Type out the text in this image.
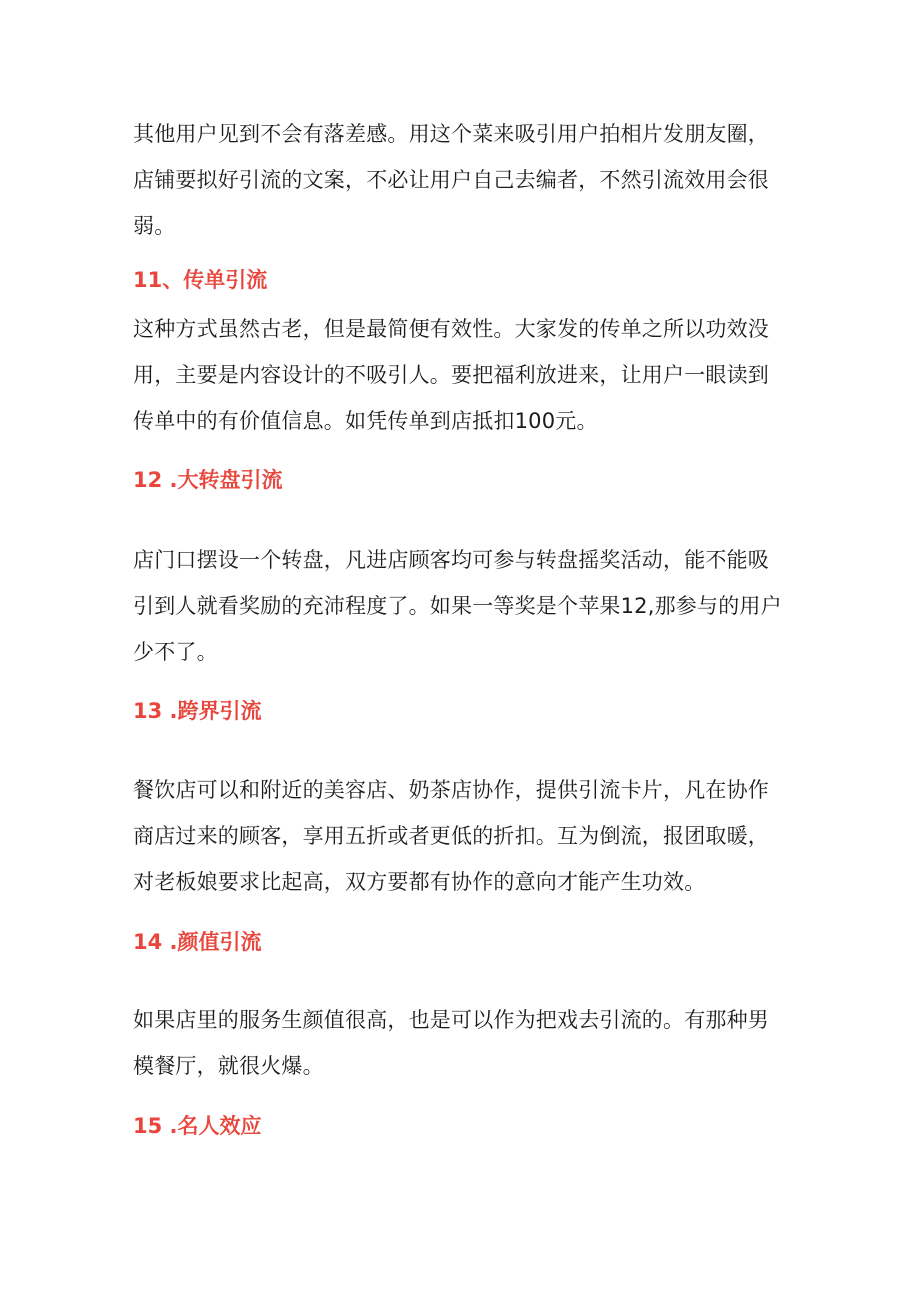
其他用户见到不会有落差感。用这个菜来吸引用户拍相片发朋友圈，
店铺要拟好引流的文案，不必让用户自己去编者，不然引流效用会很
弱。
11、传单引流
这种方式虽然古老，但是最简便有效性。大家发的传单之所以功效没
用，主要是内容设计的不吸引人。要把福利放进来，让用户一眼读到
传单中的有价值信息。如凭传单到店抵扣100元。
12 .大转盘引流
店门口摆设一个转盘，凡进店顾客均可参与转盘摇奖活动，能不能吸
引到人就看奖励的充沛程度了。如果一等奖是个苹果12,那参与的用户
少不了。
13 .跨界引流
餐饮店可以和附近的美容店、奶茶店协作，提供引流卡片，凡在协作
商店过来的顾客，享用五折或者更低的折扣。互为倒流，报团取暖，
对老板娘要求比起高，双方要都有协作的意向才能产生功效。
14 .颜值引流
如果店里的服务生颜值很高，也是可以作为把戏去引流的。有那种男
模餐厅，就很火爆。
15 .名人效应
